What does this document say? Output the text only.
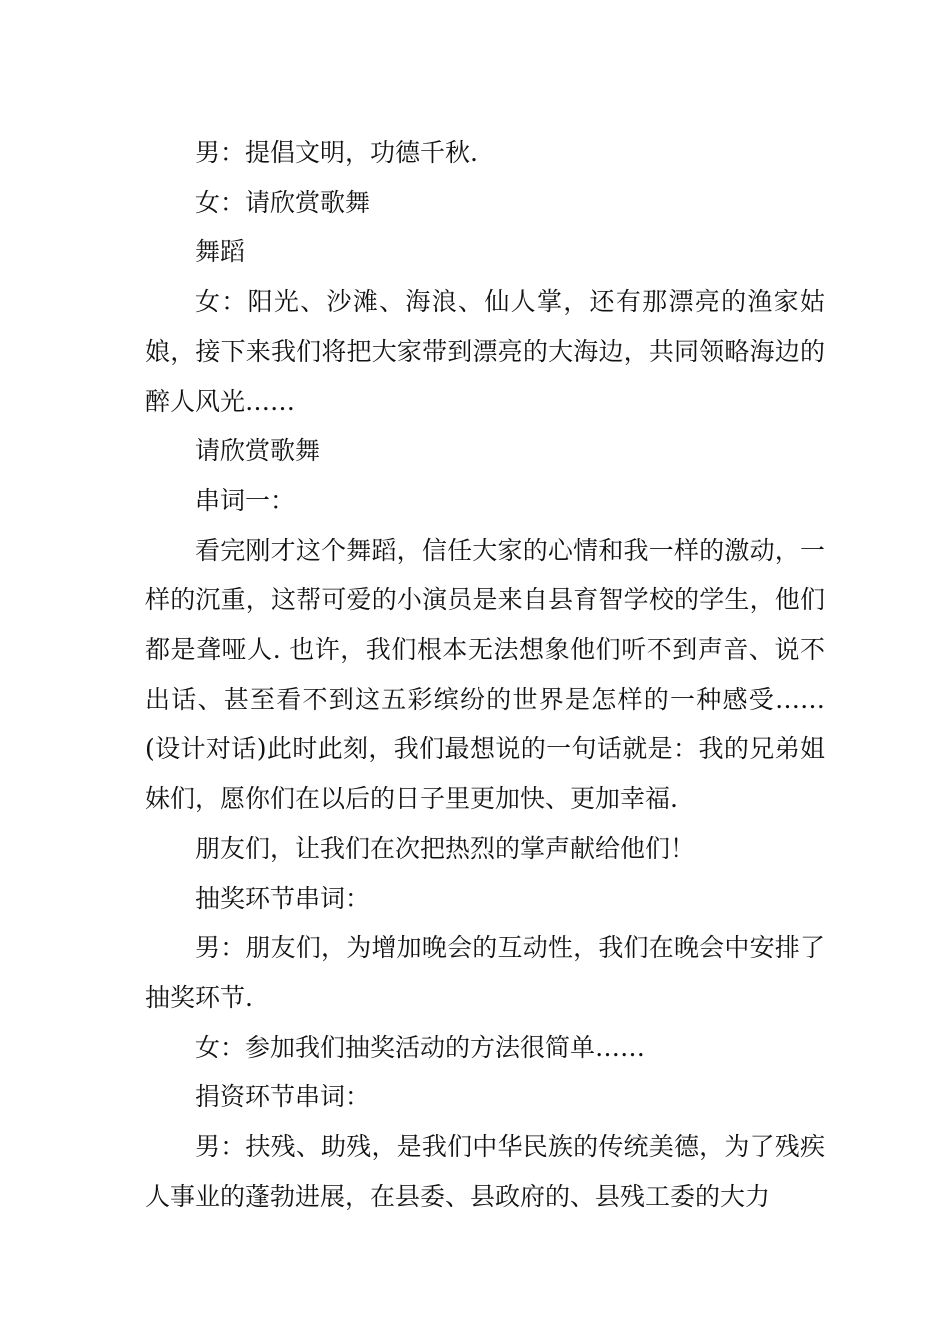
男：提倡文明，功德千秋.

女：请欣赏歌舞

舞蹈

女：阳光、沙滩、海浪、仙人掌，还有那漂亮的渔家姑娘，接下来我们将把大家带到漂亮的大海边，共同领略海边的醉人风光……

请欣赏歌舞

串词一：

看完刚才这个舞蹈，信任大家的心情和我一样的激动，一样的沉重，这帮可爱的小演员是来自县育智学校的学生，他们都是聋哑人. 也许，我们根本无法想象他们听不到声音、说不出话、甚至看不到这五彩缤纷的世界是怎样的一种感受……(设计对话)此时此刻，我们最想说的一句话就是：我的兄弟姐妹们，愿你们在以后的日子里更加快、更加幸福.

朋友们，让我们在次把热烈的掌声献给他们！

抽奖环节串词：

男：朋友们，为增加晚会的互动性，我们在晚会中安排了抽奖环节.

女：参加我们抽奖活动的方法很简单……

捐资环节串词：

男：扶残、助残，是我们中华民族的传统美德，为了残疾人事业的蓬勃进展，在县委、县政府的、县残工委的大力
